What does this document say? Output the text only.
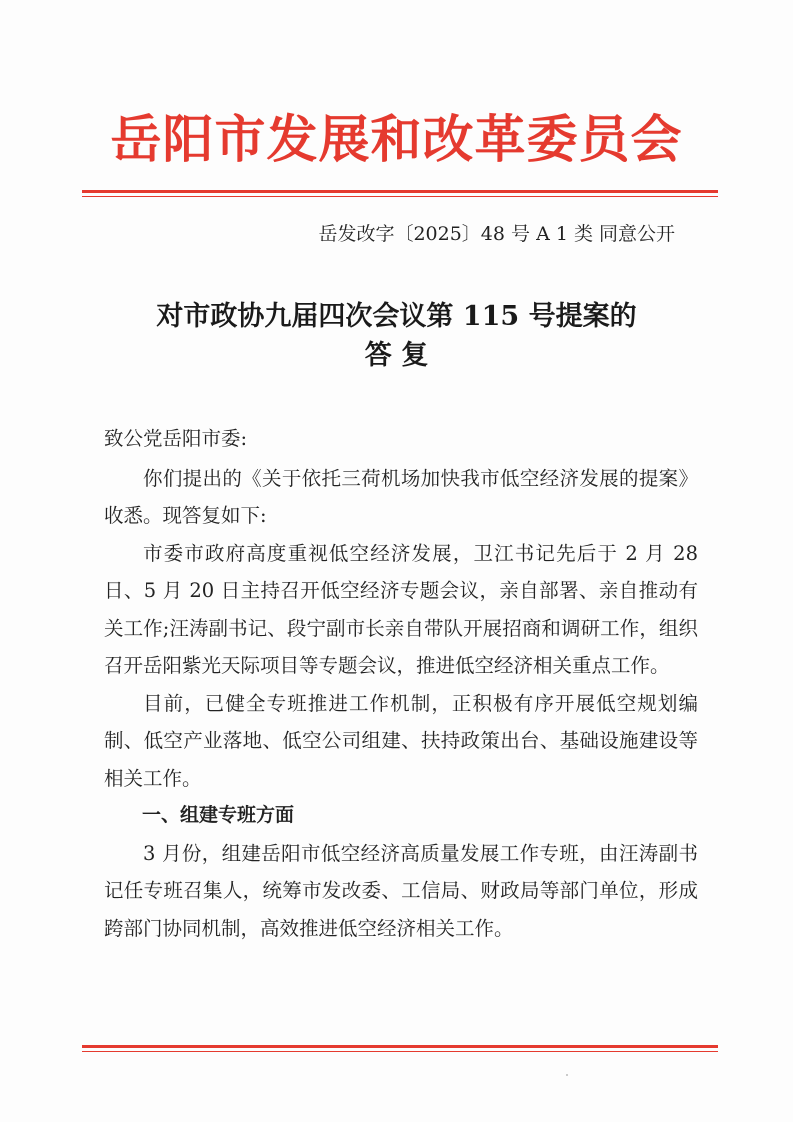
岳阳市发展和改革委员会
岳发改字〔2025〕48 号 A 1 类 同意公开
对市政协九届四次会议第 115 号提案的
答 复

致公党岳阳市委:

你们提出的《关于依托三荷机场加快我市低空经济发展的提案》收悉。现答复如下:

市委市政府高度重视低空经济发展，卫江书记先后于 2 月 28 日、5 月 20 日主持召开低空经济专题会议，亲自部署、亲自推动有关工作;汪涛副书记、段宁副市长亲自带队开展招商和调研工作，组织召开岳阳紫光天际项目等专题会议，推进低空经济相关重点工作。

目前，已健全专班推进工作机制，正积极有序开展低空规划编制、低空产业落地、低空公司组建、扶持政策出台、基础设施建设等相关工作。

一、组建专班方面

3 月份，组建岳阳市低空经济高质量发展工作专班，由汪涛副书记任专班召集人，统筹市发改委、工信局、财政局等部门单位，形成跨部门协同机制，高效推进低空经济相关工作。
